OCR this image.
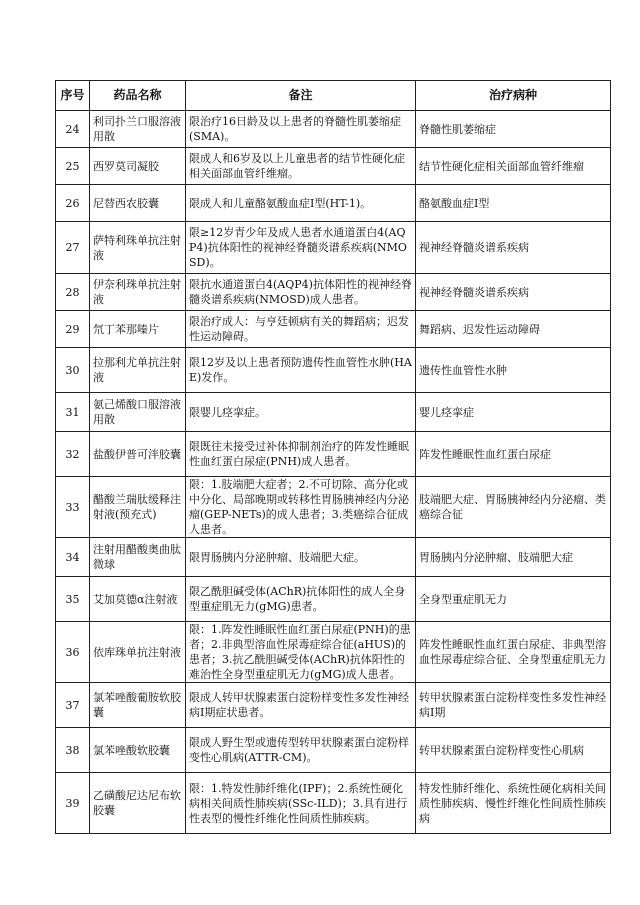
序号	药品名称	备注	治疗病种
24	利司扑兰口服溶液用散	限治疗16日龄及以上患者的脊髓性肌萎缩症(SMA)。	脊髓性肌萎缩症
25	西罗莫司凝胶	限成人和6岁及以上儿童患者的结节性硬化症相关面部血管纤维瘤。	结节性硬化症相关面部血管纤维瘤
26	尼替西农胶囊	限成人和儿童酪氨酸血症Ⅰ型(HT-1)。	酪氨酸血症Ⅰ型
27	萨特利珠单抗注射液	限≥12岁青少年及成人患者水通道蛋白4(AQP4)抗体阳性的视神经脊髓炎谱系疾病(NMOSD)。	视神经脊髓炎谱系疾病
28	伊奈利珠单抗注射液	限抗水通道蛋白4(AQP4)抗体阳性的视神经脊髓炎谱系疾病(NMOSD)成人患者。	视神经脊髓炎谱系疾病
29	氘丁苯那嗪片	限治疗成人：与亨廷顿病有关的舞蹈病；迟发性运动障碍。	舞蹈病、迟发性运动障碍
30	拉那利尤单抗注射液	限12岁及以上患者预防遗传性血管性水肿(HAE)发作。	遗传性血管性水肿
31	氨己烯酸口服溶液用散	限婴儿痉挛症。	婴儿痉挛症
32	盐酸伊普可泮胶囊	限既往未接受过补体抑制剂治疗的阵发性睡眠性血红蛋白尿症(PNH)成人患者。	阵发性睡眠性血红蛋白尿症
33	醋酸兰瑞肽缓释注射液(预充式)	限：1.肢端肥大症者；2.不可切除、高分化或中分化、局部晚期或转移性胃肠胰神经内分泌瘤(GEP-NETs)的成人患者；3.类癌综合征成人患者。	肢端肥大症、胃肠胰神经内分泌瘤、类癌综合征
34	注射用醋酸奥曲肽微球	限胃肠胰内分泌肿瘤、肢端肥大症。	胃肠胰内分泌肿瘤、肢端肥大症
35	艾加莫德α注射液	限乙酰胆碱受体(AChR)抗体阳性的成人全身型重症肌无力(gMG)患者。	全身型重症肌无力
36	依库珠单抗注射液	限：1.阵发性睡眠性血红蛋白尿症(PNH)的患者；2.非典型溶血性尿毒症综合征(aHUS)的患者；3.抗乙酰胆碱受体(AChR)抗体阳性的难治性全身型重症肌无力(gMG)成人患者。	阵发性睡眠性血红蛋白尿症、非典型溶血性尿毒症综合征、全身型重症肌无力
37	氯苯唑酸葡胺软胶囊	限成人转甲状腺素蛋白淀粉样变性多发性神经病I期症状患者。	转甲状腺素蛋白淀粉样变性多发性神经病I期
38	氯苯唑酸软胶囊	限成人野生型或遗传型转甲状腺素蛋白淀粉样变性心肌病(ATTR-CM)。	转甲状腺素蛋白淀粉样变性心肌病
39	乙磺酸尼达尼布软胶囊	限：1.特发性肺纤维化(IPF)；2.系统性硬化病相关间质性肺疾病(SSc-ILD)；3.具有进行性表型的慢性纤维化性间质性肺疾病。	特发性肺纤维化、系统性硬化病相关间质性肺疾病、慢性纤维化性间质性肺疾病
